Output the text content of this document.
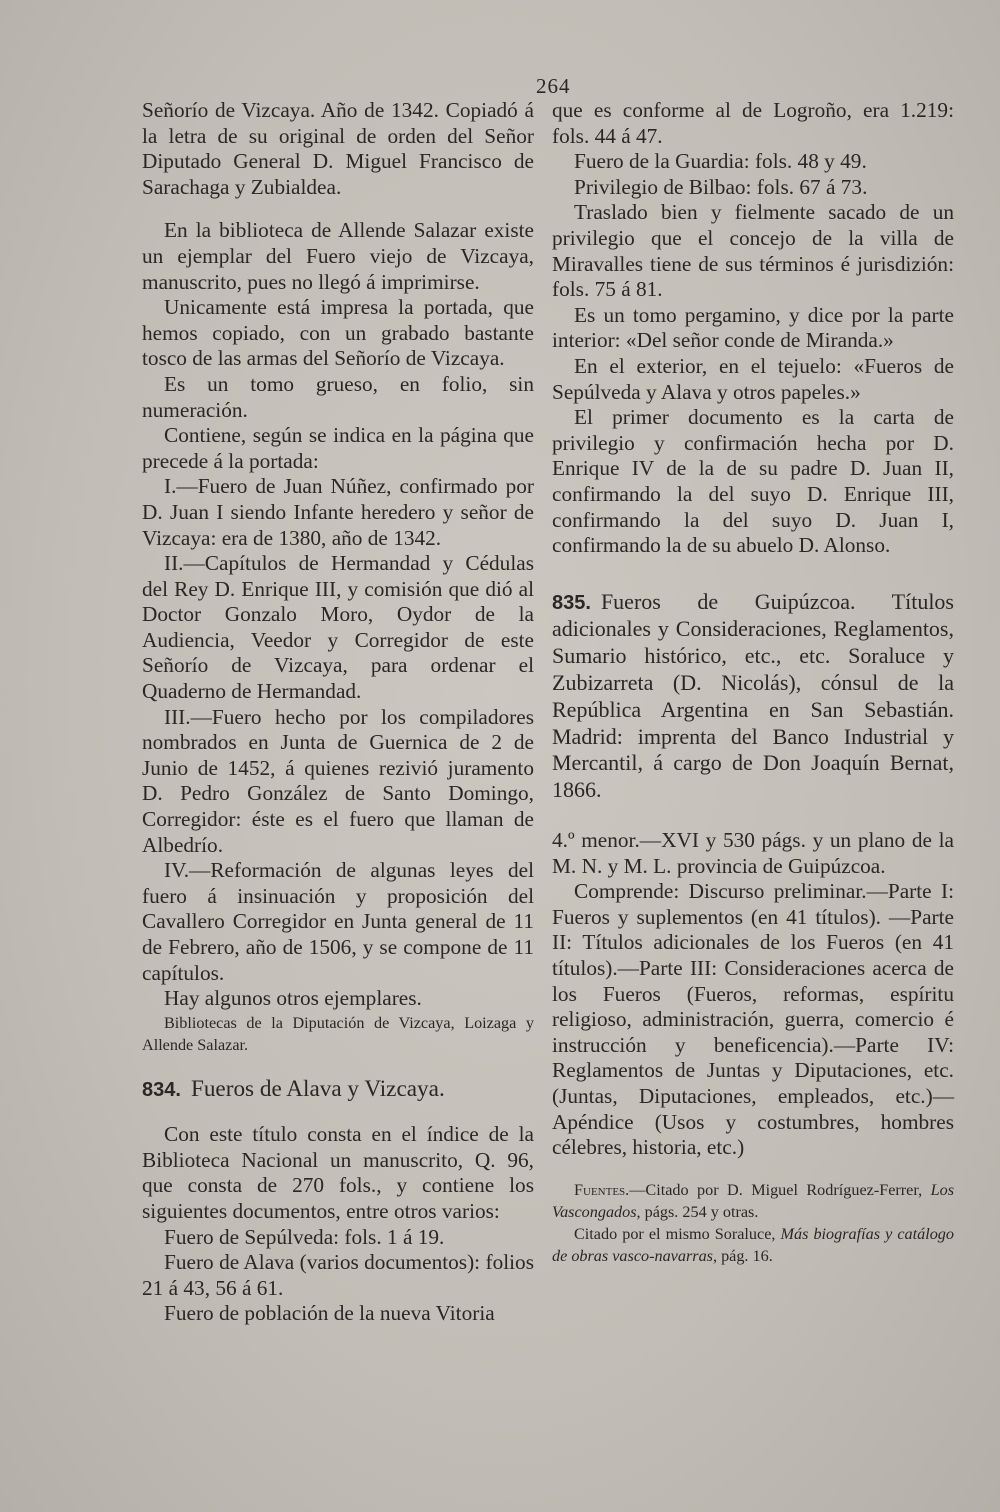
264

Señorío de Vizcaya. Año de 1342. Copiadó á la letra de su original de orden del Señor Diputado General D. Miguel Francisco de Sarachaga y Zubialdea.

En la biblioteca de Allende Salazar existe un ejemplar del Fuero viejo de Vizcaya, manuscrito, pues no llegó á imprimirse.

Unicamente está impresa la portada, que hemos copiado, con un grabado bastante tosco de las armas del Señorío de Vizcaya.

Es un tomo grueso, en folio, sin numeración.

Contiene, según se indica en la página que precede á la portada:

I.—Fuero de Juan Núñez, confirmado por D. Juan I siendo Infante heredero y señor de Vizcaya: era de 1380, año de 1342.

II.—Capítulos de Hermandad y Cédulas del Rey D. Enrique III, y comisión que dió al Doctor Gonzalo Moro, Oydor de la Audiencia, Veedor y Corregidor de este Señorío de Vizcaya, para ordenar el Quaderno de Hermandad.

III.—Fuero hecho por los compiladores nombrados en Junta de Guernica de 2 de Junio de 1452, á quienes rezivió juramento D. Pedro González de Santo Domingo, Corregidor: éste es el fuero que llaman de Albedrío.

IV.—Reformación de algunas leyes del fuero á insinuación y proposición del Cavallero Corregidor en Junta general de 11 de Febrero, año de 1506, y se compone de 11 capítulos.

Hay algunos otros ejemplares.

Bibliotecas de la Diputación de Vizcaya, Loizaga y Allende Salazar.

834. Fueros de Alava y Vizcaya.

Con este título consta en el índice de la Biblioteca Nacional un manuscrito, Q. 96, que consta de 270 fols., y contiene los siguientes documentos, entre otros varios:

Fuero de Sepúlveda: fols. 1 á 19.

Fuero de Alava (varios documentos): folios 21 á 43, 56 á 61.

Fuero de población de la nueva Vitoria

que es conforme al de Logroño, era 1.219: fols. 44 á 47.

Fuero de la Guardia: fols. 48 y 49.

Privilegio de Bilbao: fols. 67 á 73.

Traslado bien y fielmente sacado de un privilegio que el concejo de la villa de Miravalles tiene de sus términos é jurisdizión: fols. 75 á 81.

Es un tomo pergamino, y dice por la parte interior: «Del señor conde de Miranda.»

En el exterior, en el tejuelo: «Fueros de Sepúlveda y Alava y otros papeles.»

El primer documento es la carta de privilegio y confirmación hecha por D. Enrique IV de la de su padre D. Juan II, confirmando la del suyo D. Enrique III, confirmando la del suyo D. Juan I, confirmando la de su abuelo D. Alonso.

835. Fueros de Guipúzcoa. Títulos adicionales y Consideraciones, Reglamentos, Sumario histórico, etc., etc. Soraluce y Zubizarreta (D. Nicolás), cónsul de la República Argentina en San Sebastián. Madrid: imprenta del Banco Industrial y Mercantil, á cargo de Don Joaquín Bernat, 1866.

4.º menor.—XVI y 530 págs. y un plano de la M. N. y M. L. provincia de Guipúzcoa.

Comprende: Discurso preliminar.—Parte I: Fueros y suplementos (en 41 títulos). —Parte II: Títulos adicionales de los Fueros (en 41 títulos).—Parte III: Consideraciones acerca de los Fueros (Fueros, reformas, espíritu religioso, administración, guerra, comercio é instrucción y beneficencia).—Parte IV: Reglamentos de Juntas y Diputaciones, etc. (Juntas, Diputaciones, empleados, etc.)—Apéndice (Usos y costumbres, hombres célebres, historia, etc.)

Fuentes.—Citado por D. Miguel Rodríguez-Ferrer, Los Vascongados, págs. 254 y otras.

Citado por el mismo Soraluce, Más biografías y catálogo de obras vasco-navarras, pág. 16.
